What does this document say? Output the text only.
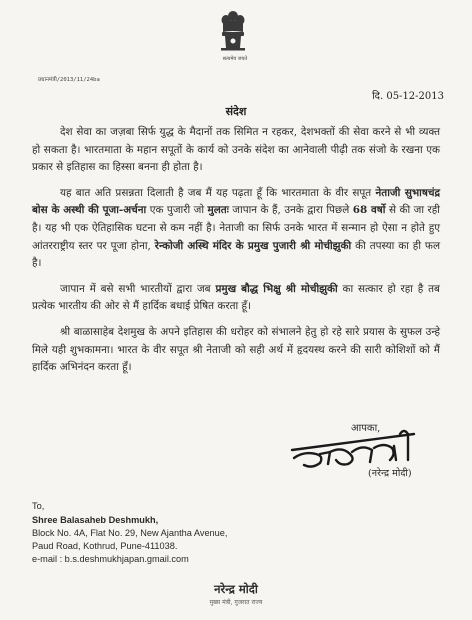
सत्यमेव जयते
प्रधानमंत्री/2013/11/24ba
दि. 05-12-2013
संदेश

देश सेवा का जज़बा सिर्फ युद्ध के मैदानों तक सिमित न रहकर, देशभक्तों की सेवा करने से भी व्यक्त हो सकता है। भारतमाता के महान सपूतों के कार्य को उनके संदेश का आनेवाली पीढ़ी तक संजो के रखना एक प्रकार से इतिहास का हिस्सा बनना ही होता है।

यह बात अति प्रसन्नता दिलाती है जब मैं यह पढ़ता हूँ कि भारतमाता के वीर सपूत नेताजी सुभाषचंद्र बोस के अस्थी की पूजा-अर्चना एक पुजारी जो मुलतः जापान के हैं, उनके द्वारा पिछले 68 वर्षो से की जा रही है। यह भी एक ऐतिहासिक घटना से कम नहीं है। नेताजी का सिर्फ उनके भारत में सन्मान हो ऐसा न होते हुए आंतरराष्ट्रीय स्तर पर पूजा होना, रेन्कोजी अस्थि मंदिर के प्रमुख पुजारी श्री मोचीझुकी की तपस्या का ही फल है।

जापान में बसे सभी भारतीयों द्वारा जब प्रमुख बौद्ध भिक्षु श्री मोचीझुकी का सत्कार हो रहा है तब प्रत्येक भारतीय की ओर से मैं हार्दिक बधाई प्रेषित करता हूँ।

श्री बाळासाहेब देशमुख के अपने इतिहास की धरोहर को संभालने हेतु हो रहे सारे प्रयास के सुफल उन्हे मिले यही शुभकामना। भारत के वीर सपूत श्री नेताजी को सही अर्थ में हृदयस्थ करने की सारी कोशिशों को मैं हार्दिक अभिनंदन करता हूँ।

आपका,
(नरेन्द्र मोदी)
To,
Shree Balasaheb Deshmukh,
Block No. 4A, Flat No. 29, New Ajantha Avenue,
Paud Road, Kothrud, Pune-411038.
e-mail : b.s.deshmukhjapan.gmail.com
नरेन्द्र मोदी
मुख्य मंत्री, गुजरात राज्य
